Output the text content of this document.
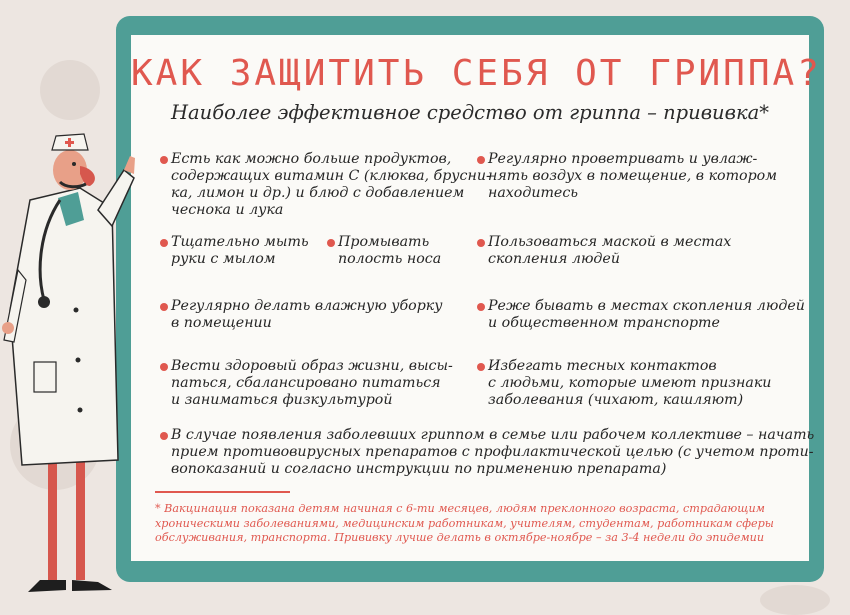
КАК ЗАЩИТИТЬ СЕБЯ ОТ ГРИППА?
Наиболее эффективное средство от гриппа – прививка*
Есть как можно больше продуктов,
содержащих витамин С (клюква, брусни-
ка, лимон и др.) и блюд с добавлением
чеснока и лука
Регулярно проветривать и увлаж-
нять воздух в помещение, в котором
находитесь
Тщательно мыть
руки с мылом
Промывать
полость носа
Пользоваться маской в местах
скопления людей
Регулярно делать влажную уборку
в помещении
Реже бывать в местах скопления людей
и общественном транспорте
Вести здоровый образ жизни, высы-
паться, сбалансировано питаться
и заниматься физкультурой
Избегать тесных контактов
с людьми, которые имеют признаки
заболевания (чихают, кашляют)
В случае появления заболевших гриппом в семье или рабочем коллективе – начать
прием противовирусных препаратов с профилактической целью (с учетом проти-
вопоказаний и согласно инструкции по применению препарата)
* Вакцинация показана детям начиная с 6-ти месяцев, людям преклонного возраста, страдающим
хроническими заболеваниями, медицинским работникам, учителям, студентам, работникам сферы
обслуживания, транспорта. Прививку лучше делать в октябре-ноябре – за 3-4 недели до эпидемии
